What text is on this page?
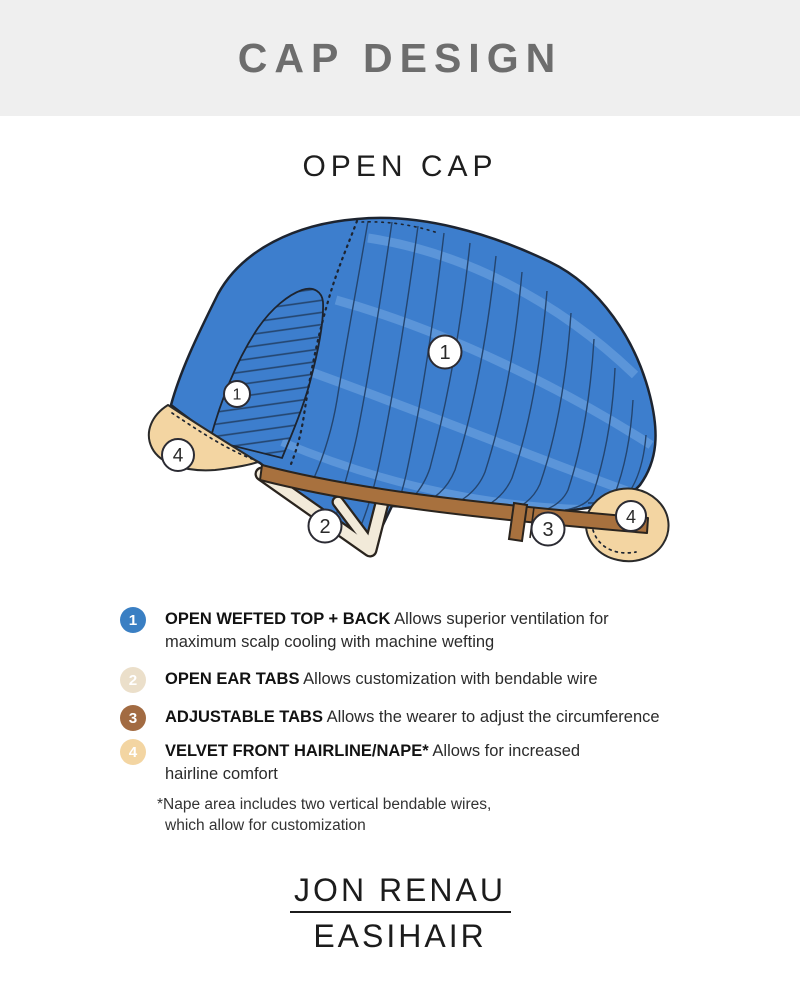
CAP DESIGN
OPEN CAP
1
1
4
2	3
4
1 OPEN WEFTED TOP + BACK Allows superior ventilation for
maximum scalp cooling with machine wefting
2 OPEN EAR TABS Allows customization with bendable wire
3 ADJUSTABLE TABS Allows the wearer to adjust the circumference
4 VELVET FRONT HAIRLINE/NAPE* Allows for increased
hairline comfort
*Nape area includes two vertical bendable wires,
which allow for customization
JON RENAU
EASIHAIR
